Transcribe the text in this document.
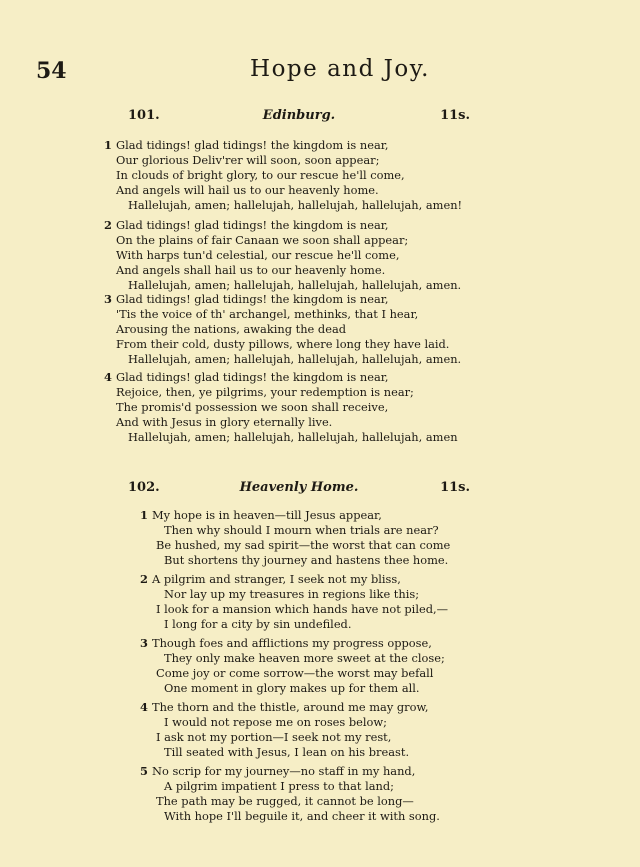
54	Hope and Joy.
101.	Edinburg.	11s.
1 Glad tidings! glad tidings! the kingdom is near,
Our glorious Deliv'rer will soon, soon appear;
In clouds of bright glory, to our rescue he'll come,
And angels will hail us to our heavenly home.
Hallelujah, amen; hallelujah, hallelujah, hallelujah, amen!
2 Glad tidings! glad tidings! the kingdom is near,
On the plains of fair Canaan we soon shall appear;
With harps tun'd celestial, our rescue he'll come,
And angels shall hail us to our heavenly home.
Hallelujah, amen; hallelujah, hallelujah, hallelujah, amen.
3 Glad tidings! glad tidings! the kingdom is near,
'Tis the voice of th' archangel, methinks, that I hear,
Arousing the nations, awaking the dead
From their cold, dusty pillows, where long they have laid.
Hallelujah, amen; hallelujah, hallelujah, hallelujah, amen.
4 Glad tidings! glad tidings! the kingdom is near,
Rejoice, then, ye pilgrims, your redemption is near;
The promis'd possession we soon shall receive,
And with Jesus in glory eternally live.
Hallelujah, amen; hallelujah, hallelujah, hallelujah, amen
102.	Heavenly Home.	11s.
1 My hope is in heaven—till Jesus appear,
Then why should I mourn when trials are near?
Be hushed, my sad spirit—the worst that can come
But shortens thy journey and hastens thee home.
2 A pilgrim and stranger, I seek not my bliss,
Nor lay up my treasures in regions like this;
I look for a mansion which hands have not piled,—
I long for a city by sin undefiled.
3 Though foes and afflictions my progress oppose,
They only make heaven more sweet at the close;
Come joy or come sorrow—the worst may befall
One moment in glory makes up for them all.
4 The thorn and the thistle, around me may grow,
I would not repose me on roses below;
I ask not my portion—I seek not my rest,
Till seated with Jesus, I lean on his breast.
5 No scrip for my journey—no staff in my hand,
A pilgrim impatient I press to that land;
The path may be rugged, it cannot be long—
With hope I'll beguile it, and cheer it with song.
